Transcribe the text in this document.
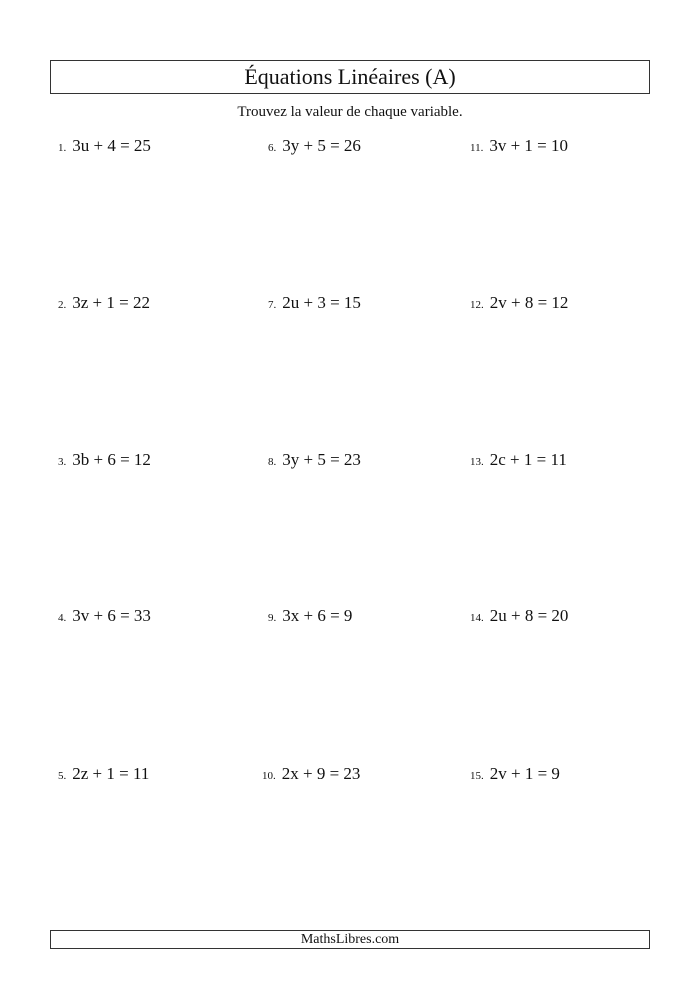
Équations Linéaires (A)
Trouvez la valeur de chaque variable.
1. 3u + 4 = 25
2. 3z + 1 = 22
3. 3b + 6 = 12
4. 3v + 6 = 33
5. 2z + 1 = 11
6. 3y + 5 = 26
7. 2u + 3 = 15
8. 3y + 5 = 23
9. 3x + 6 = 9
10. 2x + 9 = 23
11. 3v + 1 = 10
12. 2v + 8 = 12
13. 2c + 1 = 11
14. 2u + 8 = 20
15. 2v + 1 = 9
MathsLibres.com
